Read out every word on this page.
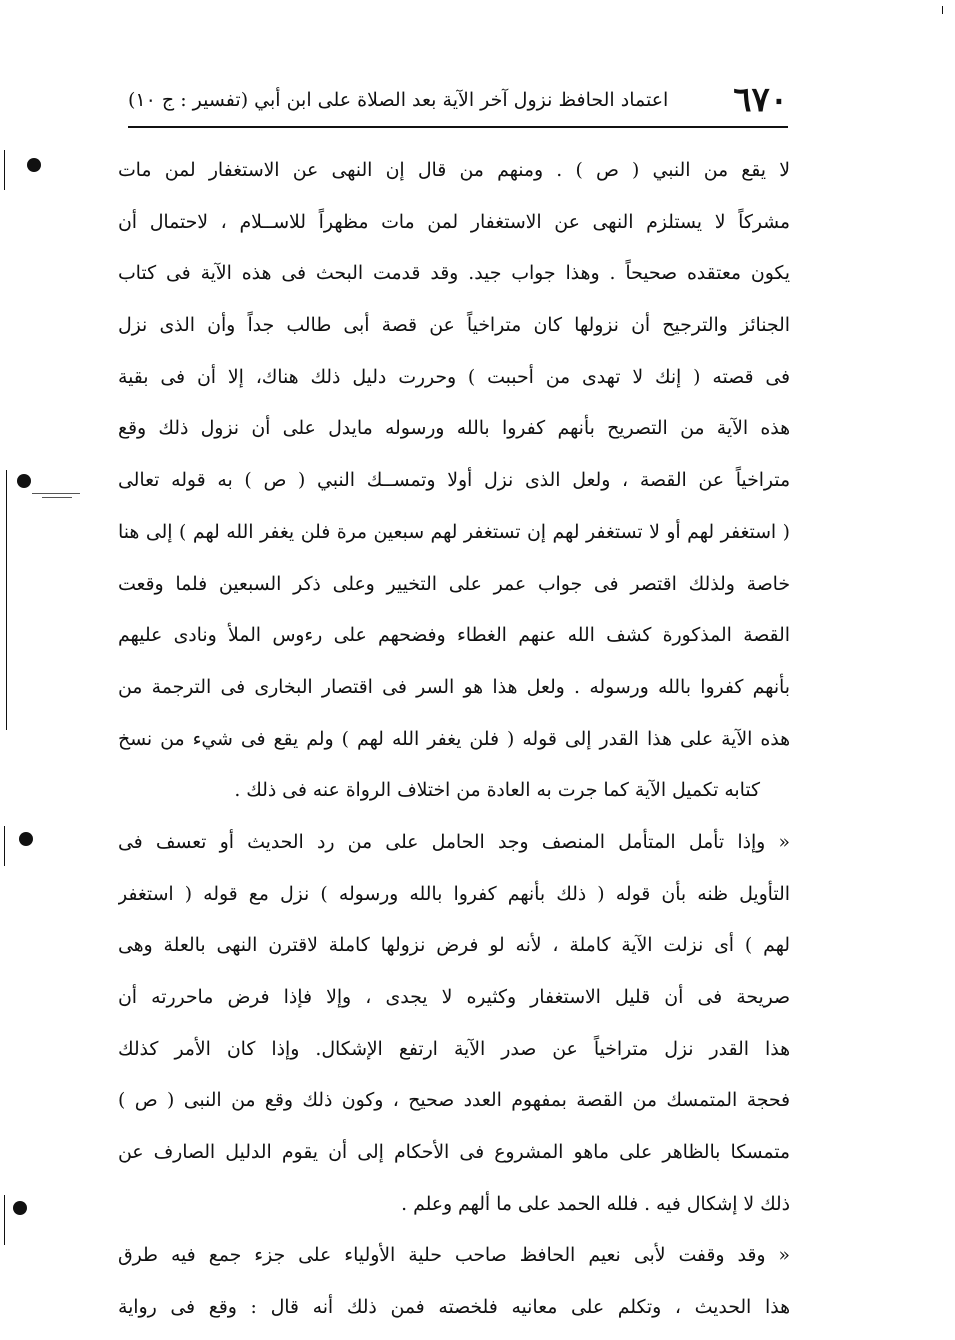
٦٧٠
اعتماد الحافظ نزول آخر الآية بعد الصلاة على ابن أبي (تفسير : ج ١٠)
لا يقع من النبي ( ص ) . ومنهم من قال إن النهى عن الاستغفار لمن مات
مشركاً لا يستلزم النهى عن الاستغفار لمن مات مظهراً للاســلام ، لاحتمال أن
يكون معتقده صحيحاً . وهذا جواب جيد. وقد قدمت البحث فى هذه الآية فى كتاب
الجنائز والترجيح أن نزولها كان متراخياً عن قصة أبى طالب جداً وأن الذى نزل
فى قصته ( إنك لا تهدى من أحببت ) وحررت دليل ذلك هناك، إلا أن فى بقية
هذه الآية من التصريح بأنهم كفروا بالله ورسوله مايدل على أن نزول ذلك وقع
متراخياً عن القصة ، ولعل الذى نزل أولا وتمســك النبي ( ص ) به قوله تعالى
( استغفر لهم أو لا تستغفر لهم إن تستغفر لهم سبعين مرة فلن يغفر الله لهم ) إلى هنا
خاصة ولذلك اقتصر فى جواب عمر على التخيير وعلى ذكر السبعين فلما وقعت
القصة المذكورة كشف الله عنهم الغطاء وفضحهم على رءوس الملأ ونادى عليهم
بأنهم كفروا بالله ورسوله . ولعل هذا هو السر فى اقتصار البخارى فى الترجمة من
هذه الآية على هذا القدر إلى قوله ( فلن يغفر الله لهم ) ولم يقع فى شيء من نسخ
كتابه تكميل الآية كما جرت به العادة من اختلاف الرواة عنه فى ذلك .
« وإذا تأمل المتأمل المنصف وجد الحامل على من رد الحديث أو تعسف فى
التأويل ظنه بأن قوله ( ذلك بأنهم كفروا بالله ورسوله ) نزل مع قوله ( استغفر
لهم ) أى نزلت الآية كاملة ، لأنه لو فرض نزولها كاملة لاقترن النهى بالعلة وهى
صريحة فى أن قليل الاستغفار وكثيره لا يجدى ، وإلا فإذا فرض ماحررته أن
هذا القدر نزل متراخياً عن صدر الآية ارتفع الإشكال. وإذا كان الأمر كذلك
فحجة المتمسك من القصة بمفهوم العدد صحيح ، وكون ذلك وقع من النبى ( ص )
متمسكا بالظاهر على ماهو المشروع فى الأحكام إلى أن يقوم الدليل الصارف عن
ذلك لا إشكال فيه . فلله الحمد على ما ألهم وعلم .
« وقد وقفت لأبى نعيم الحافظ صاحب حلية الأولياء على جزء جمع فيه طرق
هذا الحديث ، وتكلم على معانيه فلخصته فمن ذلك أنه قال : وقع فى رواية
